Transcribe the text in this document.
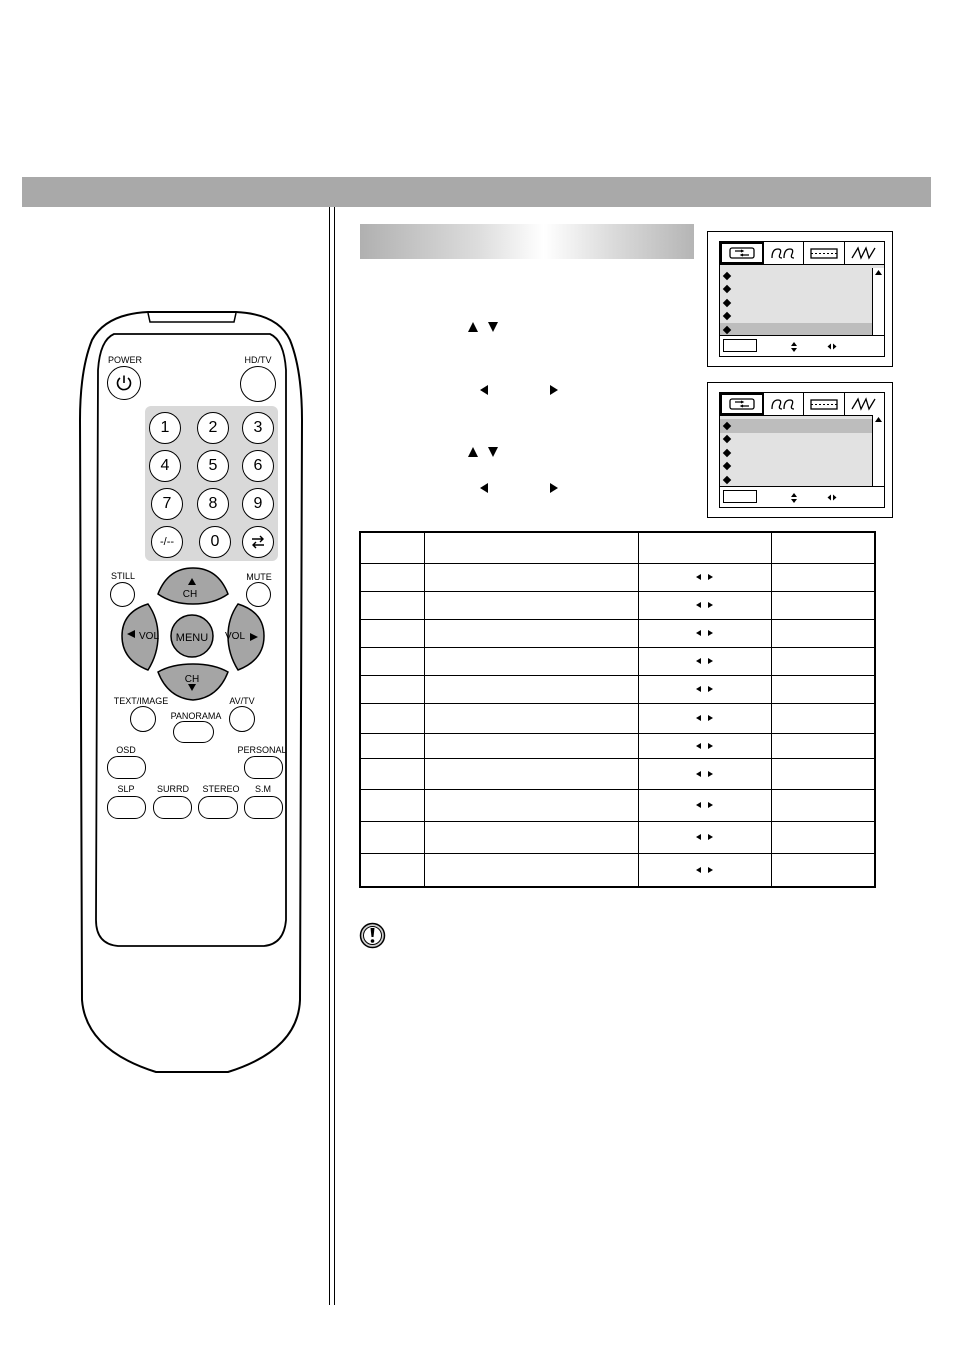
POWER	HD/TV
1	2	3
4	5	6
7	8	9
-/--	0
STILL	MUTE
CH
CH
VOL	VOL
MENU
TEXT/IMAGE
PANORAMA
AV/TV
OSD	PERSONAL
SLP SURRD STEREO S.M
